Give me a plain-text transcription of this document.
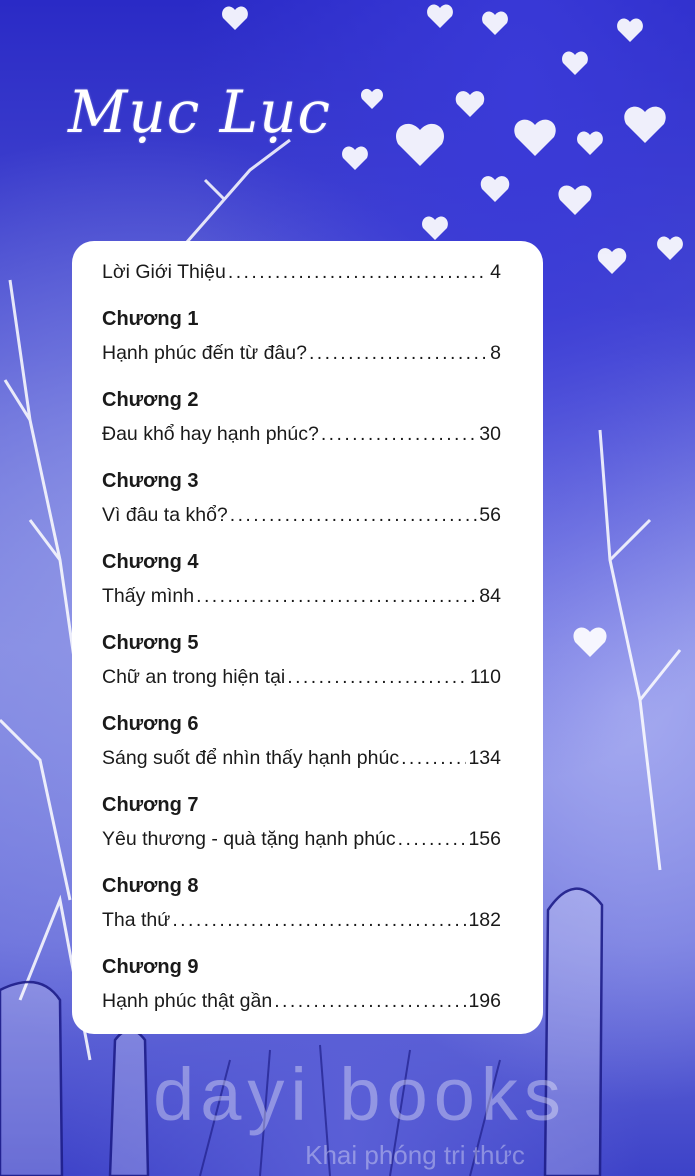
Mục Lục
Lời Giới Thiệu . . .	4
Chương 1
Hạnh phúc đến từ đâu? . . .	8
Chương 2
Đau khổ hay hạnh phúc? . . .	30
Chương 3
Vì đâu ta khổ? . . .	56
Chương 4
Thấy mình . . .	84
Chương 5
Chữ an trong hiện tại . . .	110
Chương 6
Sáng suốt để nhìn thấy hạnh phúc . . .	134
Chương 7
Yêu thương - quà tặng hạnh phúc . . .	156
Chương 8
Tha thứ . . .	182
Chương 9
Hạnh phúc thật gần . . .	196
dayi books
Khai phóng tri thức
